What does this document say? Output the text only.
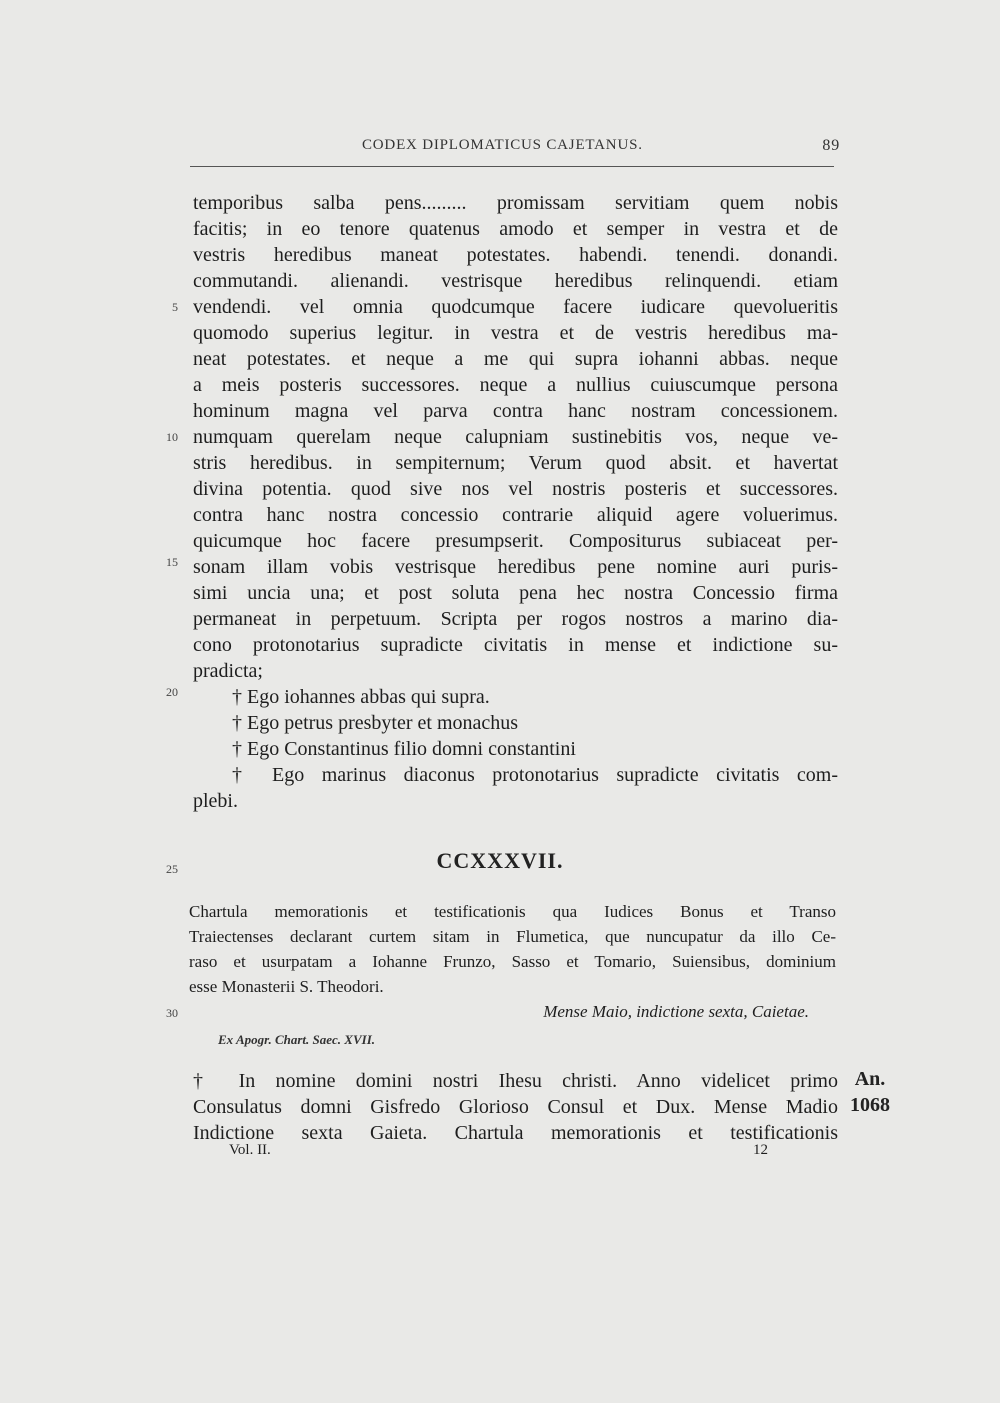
CODEX DIPLOMATICUS CAJETANUS.	89
temporibus salba pens......... promissam servitiam quem nobis
facitis; in eo tenore quatenus amodo et semper in vestra et de
vestris heredibus maneat potestates. habendi. tenendi. donandi.
commutandi. alienandi. vestrisque heredibus relinquendi. etiam
vendendi. vel omnia quodcumque facere iudicare quevolueritis
quomodo superius legitur. in vestra et de vestris heredibus ma-
neat potestates. et neque a me qui supra iohanni abbas. neque
a meis posteris successores. neque a nullius cuiuscumque persona
hominum magna vel parva contra hanc nostram concessionem.
numquam querelam neque calupniam sustinebitis vos, neque ve-
stris heredibus. in sempiternum; Verum quod absit. et havertat
divina potentia. quod sive nos vel nostris posteris et successores.
contra hanc nostra concessio contrarie aliquid agere voluerimus.
quicumque hoc facere presumpserit. Compositurus subiaceat per-
sonam illam vobis vestrisque heredibus pene nomine auri puris-
simi uncia una; et post soluta pena hec nostra Concessio firma
permaneat in perpetuum. Scripta per rogos nostros a marino dia-
cono protonotarius supradicte civitatis in mense et indictione su-
pradicta;
† Ego iohannes abbas qui supra.
† Ego petrus presbyter et monachus
† Ego Constantinus filio domni constantini
† Ego marinus diaconus protonotarius supradicte civitatis com-
plebi.
5
10
15
20
25
30
CCXXXVII.
Chartula memorationis et testificationis qua Iudices Bonus et Transo
Traiectenses declarant curtem sitam in Flumetica, que nuncupatur da illo Ce-
raso et usurpatam a Iohanne Frunzo, Sasso et Tomario, Suiensibus, dominium
esse Monasterii S. Theodori.
Mense Maio, indictione sexta, Caietae.
Ex Apogr. Chart. Saec. XVII.
† In nomine domini nostri Ihesu christi. Anno videlicet primo
Consulatus domni Gisfredo Glorioso Consul et Dux. Mense Madio
Indictione sexta Gaieta. Chartula memorationis et testificationis
An.
1068
Vol. II.	12
